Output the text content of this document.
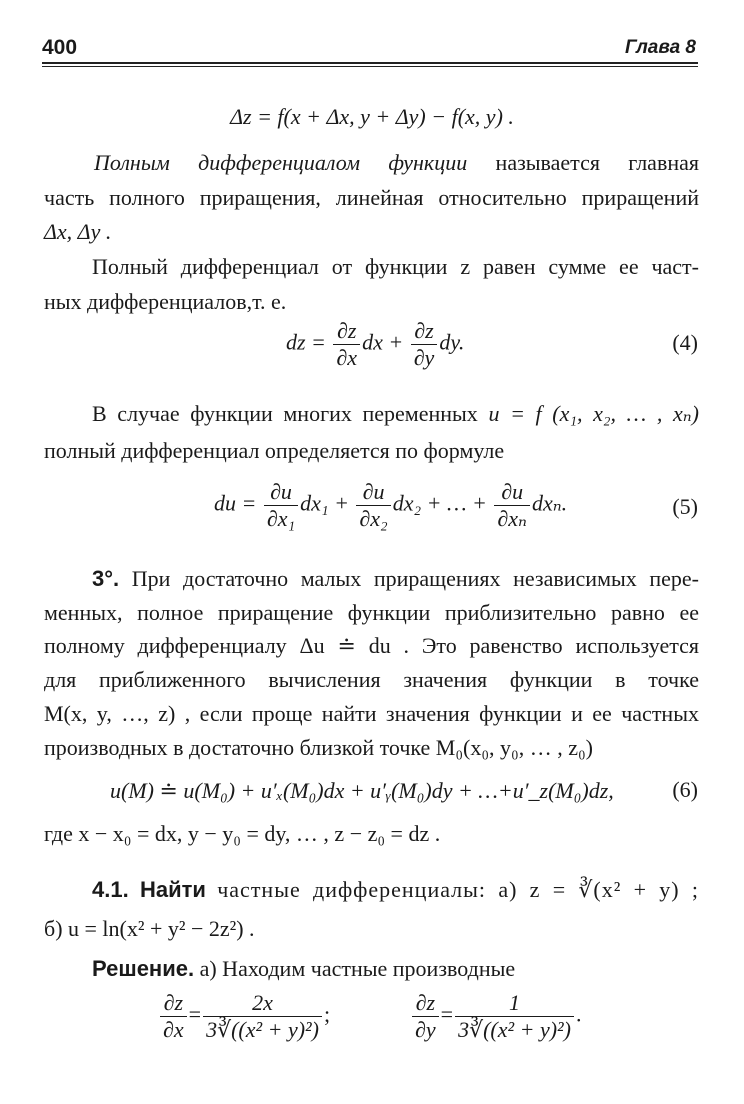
400	Глава 8
Δz = f(x + Δx, y + Δy) − f(x, y) .
Полным дифференциалом функции называется главная
часть полного приращения, линейная относительно приращений
Δx, Δy .
Полный дифференциал от функции z равен сумме ее част-
ных дифференциалов,т. е.
dz = $\frac{\partial z}{\partial x}$ dx + $\frac{\partial z}{\partial y}$ dy.	(4)
В случае функции многих переменных u = f (x₁, x₂, … , xₙ)
полный дифференциал определяется по формуле
du = $\frac{\partial u}{\text{∂x₁}} dx_1 + \frac{\partial u}{\text{∂x₂}} dx_2$ + … + $\frac{\partial u}{\text{∂xₙ}} dx_n$.	(5)
3°. При достаточно малых приращениях независимых пере-
менных, полное приращение функции приблизительно равно ее
полному дифференциалу Δu ≐ du . Это равенство используется
для приближенного вычисления значения функции в точке
M(x, y, …, z) , если проще найти значения функции и ее частных
производных в достаточно близкой точке M₀(x₀, y₀, … , z₀)
u(M) ≐ u(M₀) + u′ₓ(M₀)dx + u′ᵧ(M₀)dy + …+u′_z(M₀)dz,	(6)
где x − x₀ = dx, y − y₀ = dy, … , z − z₀ = dz .
4.1. Найти частные дифференциалы: а) z = ∛(x² + y) ;
б) u = ln(x² + y² − 2z²) .
Решение. а) Находим частные производные
$\frac{\partial z}{\partial x} = \frac{2x}{\text{3∛((x² + y)²)}}$ ;	$\frac{\partial z}{\partial y} = \frac{1}{\text{3∛((x² + y)²)}}$ .
